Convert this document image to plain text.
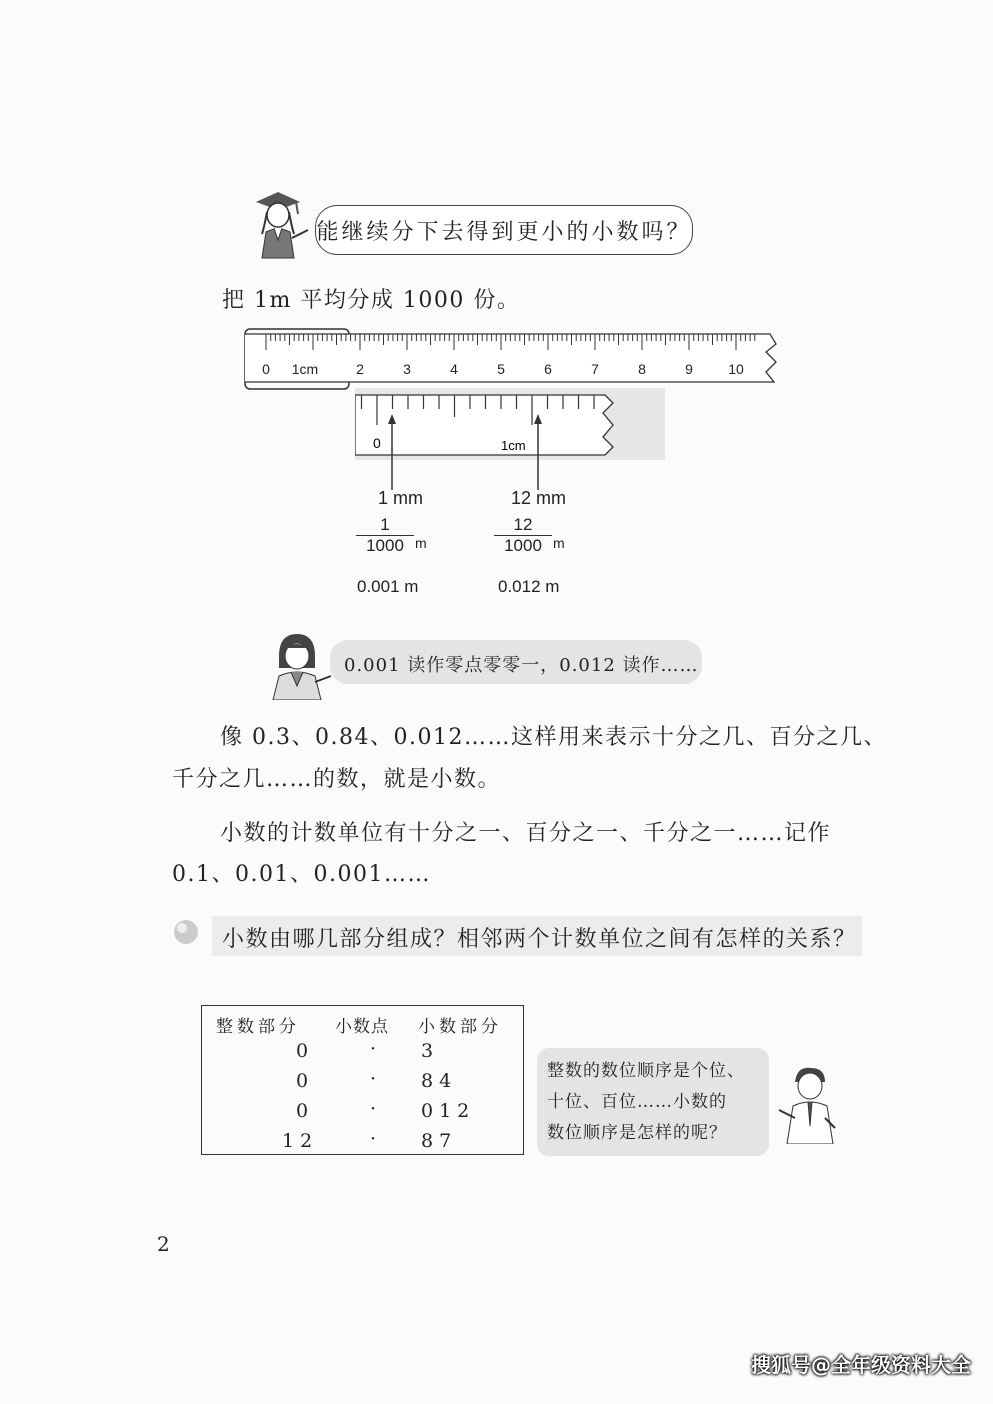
能继续分下去得到更小的小数吗？
把 1m 平均分成 1000 份。
0 1cm	2	3	4	5	6	7	8	9	10
0	1cm
1 mm	12 mm
$\frac{1}{1000}$ m	$\frac{12}{1000}$ m
0.001 m	0.012 m
0.001 读作零点零零一，0.012 读作……
像 0.3、0.84、0.012……这样用来表示十分之几、百分之几、
千分之几……的数，就是小数。
小数的计数单位有十分之一、百分之一、千分之一……记作
0.1、0.01、0.001……
小数由哪几部分组成？相邻两个计数单位之间有怎样的关系？
整数部分 小数点 小数部分
0	· 3
0	· 84
0	· 012
12	· 87
整数的数位顺序是个位、
十位、百位……小数的
数位顺序是怎样的呢？
2
搜狐号@全年级资料大全
